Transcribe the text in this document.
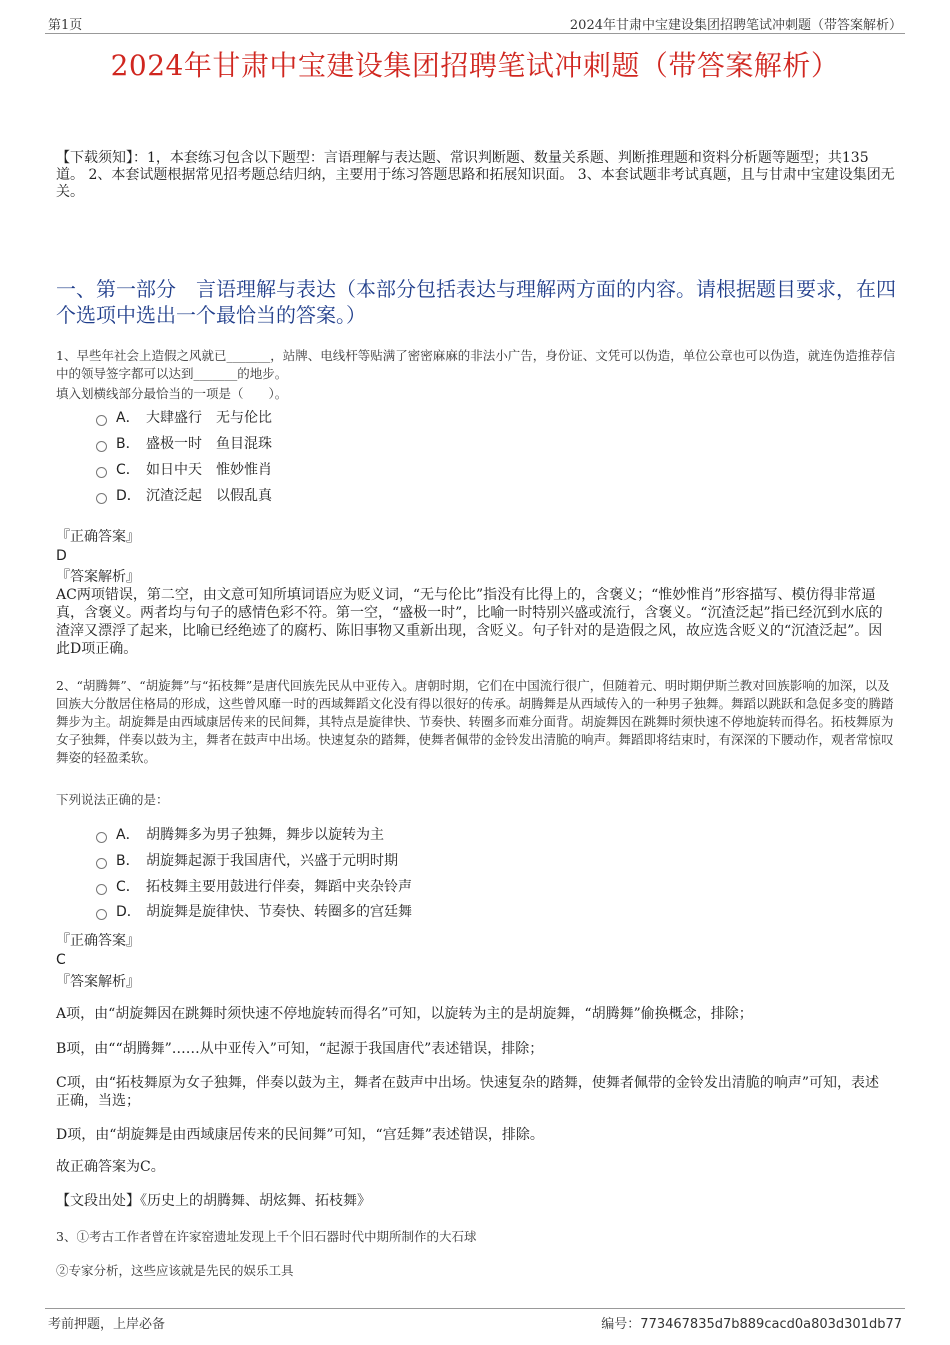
第1页	2024年甘肃中宝建设集团招聘笔试冲刺题（带答案解析）
2024年甘肃中宝建设集团招聘笔试冲刺题（带答案解析）

【下载须知】：1，本套练习包含以下题型：言语理解与表达题、常识判断题、数量关系题、判断推理题和资料分析题等题型；共135道。 2、本套试题根据常见招考题总结归纳，主要用于练习答题思路和拓展知识面。 3、本套试题非考试真题，且与甘肃中宝建设集团无关。

一、第一部分　言语理解与表达（本部分包括表达与理解两方面的内容。请根据题目要求，在四个选项中选出一个最恰当的答案。）
1、早些年社会上造假之风就已_______，站牌、电线杆等贴满了密密麻麻的非法小广告，身份证、文凭可以伪造，单位公章也可以伪造，就连伪造推荐信中的领导签字都可以达到_______的地步。
填入划横线部分最恰当的一项是（　　）。
A． 大肆盛行　无与伦比
B． 盛极一时　鱼目混珠
C． 如日中天　惟妙惟肖
D． 沉渣泛起　以假乱真
『正确答案』
D
『答案解析』
AC两项错误，第二空，由文意可知所填词语应为贬义词，“无与伦比”指没有比得上的，含褒义；“惟妙惟肖”形容描写、模仿得非常逼真，含褒义。两者均与句子的感情色彩不符。第一空，“盛极一时”，比喻一时特别兴盛或流行，含褒义。“沉渣泛起”指已经沉到水底的渣滓又漂浮了起来，比喻已经绝迹了的腐朽、陈旧事物又重新出现，含贬义。句子针对的是造假之风，故应选含贬义的“沉渣泛起”。因此D项正确。
2、“胡腾舞”、“胡旋舞”与“拓枝舞”是唐代回族先民从中亚传入。唐朝时期，它们在中国流行很广，但随着元、明时期伊斯兰教对回族影响的加深，以及回族大分散居住格局的形成，这些曾风靡一时的西域舞蹈文化没有得以很好的传承。胡腾舞是从西域传入的一种男子独舞。舞蹈以跳跃和急促多变的腾踏舞步为主。胡旋舞是由西域康居传来的民间舞，其特点是旋律快、节奏快、转圈多而难分面背。胡旋舞因在跳舞时须快速不停地旋转而得名。拓枝舞原为女子独舞，伴奏以鼓为主，舞者在鼓声中出场。快速复杂的踏舞，使舞者佩带的金铃发出清脆的响声。舞蹈即将结束时，有深深的下腰动作，观者常惊叹舞姿的轻盈柔软。
下列说法正确的是：
A． 胡腾舞多为男子独舞，舞步以旋转为主
B． 胡旋舞起源于我国唐代，兴盛于元明时期
C． 拓枝舞主要用鼓进行伴奏，舞蹈中夹杂铃声
D． 胡旋舞是旋律快、节奏快、转圈多的宫廷舞
『正确答案』
C
『答案解析』
A项，由“胡旋舞因在跳舞时须快速不停地旋转而得名”可知，以旋转为主的是胡旋舞，“胡腾舞”偷换概念，排除；
B项，由““胡腾舞”……从中亚传入”可知，“起源于我国唐代”表述错误，排除；
C项，由“拓枝舞原为女子独舞，伴奏以鼓为主，舞者在鼓声中出场。快速复杂的踏舞，使舞者佩带的金铃发出清脆的响声”可知，表述正确，当选；
D项，由“胡旋舞是由西域康居传来的民间舞”可知，“宫廷舞”表述错误，排除。
故正确答案为C。
【文段出处】《历史上的胡腾舞、胡炫舞、拓枝舞》
3、①考古工作者曾在许家窑遗址发现上千个旧石器时代中期所制作的大石球
②专家分析，这些应该就是先民的娱乐工具
考前押题，上岸必备	编号：773467835d7b889cacd0a803d301db77
